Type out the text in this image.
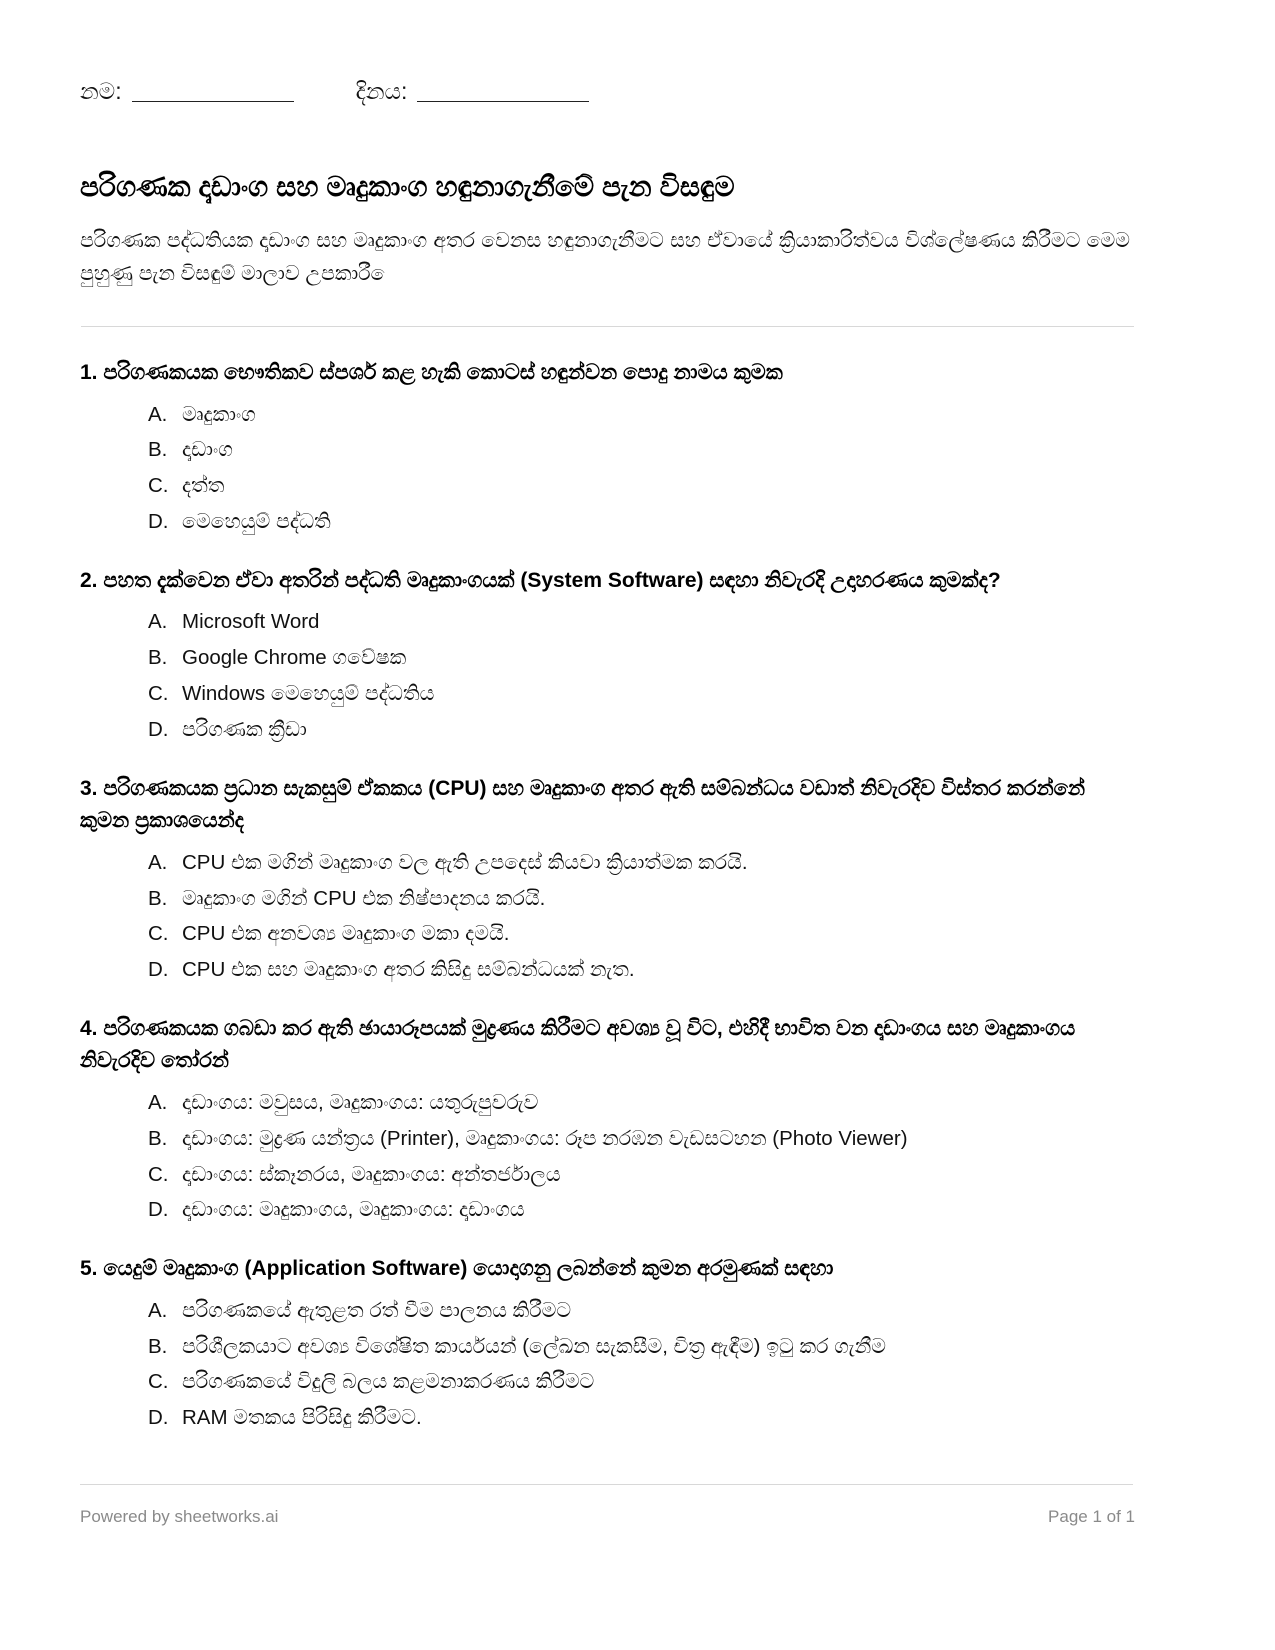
නම:	දිනය:
පරිගණක දෘඩාංග සහ මෘදුකාංග හඳුනාගැනීමේ පැන විසඳුම

පරිගණක පද්ධතියක දෘඩාංග සහ මෘදුකාංග අතර වෙනස හඳුනාගැනීමට සහ ඒවායේ ක්‍රියාකාරිත්වය විශ්ලේෂණය කිරීමට මෙම පුහුණු පැන විසඳුම් මාලාව උපකාරී ෙ

1. පරිගණකයක භෞතිකව ස්පර්ශ කළ හැකි කොටස් හඳුන්වන පොදු නාමය කුමක
A. මෘදුකාංග
B. දෘඩාංග
C. දත්ත
D. මෙහෙයුම් පද්ධති
2. පහත දැක්වෙන ඒවා අතරින් පද්ධති මෘදුකාංගයක් (System Software) සඳහා නිවැරදි උදාහරණය කුමක්ද?
A. Microsoft Word
B. Google Chrome ගවේෂක
C. Windows මෙහෙයුම් පද්ධතිය
D. පරිගණක ක්‍රීඩා
3. පරිගණකයක ප්‍රධාන සැකසුම් ඒකකය (CPU) සහ මෘදුකාංග අතර ඇති සම්බන්ධය වඩාත් නිවැරදිව විස්තර කරන්නේ කුමන ප්‍රකාශයෙන්ද
A. CPU එක මගින් මෘදුකාංග වල ඇති උපදෙස් කියවා ක්‍රියාත්මක කරයි.
B. මෘදුකාංග මගින් CPU එක නිෂ්පාදනය කරයි.
C. CPU එක අනවශ්‍ය මෘදුකාංග මකා දමයි.
D. CPU එක සහ මෘදුකාංග අතර කිසිදු සම්බන්ධයක් නැත.
4. පරිගණකයක ගබඩා කර ඇති ඡායාරූපයක් මුද්‍රණය කිරීමට අවශ්‍ය වූ විට, එහිදී භාවිත වන දෘඩාංගය සහ මෘදුකාංගය නිවැරදිව තෝරන්
A. දෘඩාංගය: මවුසය, මෘදුකාංගය: යතුරුපුවරුව
B. දෘඩාංගය: මුද්‍රණ යන්ත්‍රය (Printer), මෘදුකාංගය: රූප නරඹන වැඩසටහන (Photo Viewer)
C. දෘඩාංගය: ස්කෑනරය, මෘදුකාංගය: අන්තර්ජාලය
D. දෘඩාංගය: මෘදුකාංගය, මෘදුකාංගය: දෘඩාංගය
5. යෙදුම් මෘදුකාංග (Application Software) යොදාගනු ලබන්නේ කුමන අරමුණක් සඳහා
A. පරිගණකයේ ඇතුළත රත් වීම පාලනය කිරීමට
B. පරිශීලකයාට අවශ්‍ය විශේෂිත කාර්යයන් (ලේඛන සැකසීම, චිත්‍ර ඇඳීම) ඉටු කර ගැනීම
C. පරිගණකයේ විදුලි බලය කළමනාකරණය කිරීමට
D. RAM මතකය පිරිසිදු කිරීමට.
Powered by sheetworks.ai	Page 1 of 1
